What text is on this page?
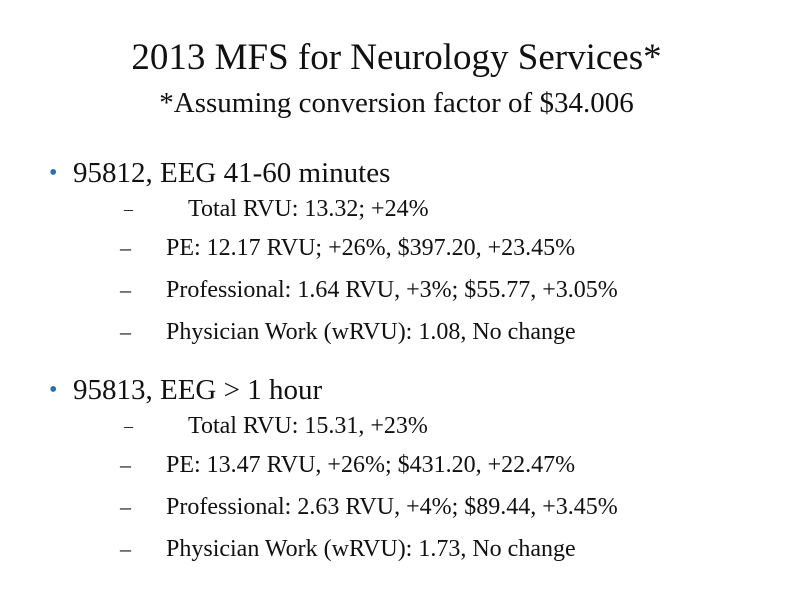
2013 MFS for Neurology Services*
*Assuming conversion factor of $34.006
• 95812, EEG 41-60 minutes
– Total RVU: 13.32; +24%
– PE: 12.17 RVU; +26%, $397.20, +23.45%
– Professional: 1.64 RVU, +3%; $55.77, +3.05%
– Physician Work (wRVU): 1.08, No change
• 95813, EEG > 1 hour
– Total RVU: 15.31, +23%
– PE: 13.47 RVU, +26%; $431.20, +22.47%
– Professional: 2.63 RVU, +4%; $89.44, +3.45%
– Physician Work (wRVU): 1.73, No change
